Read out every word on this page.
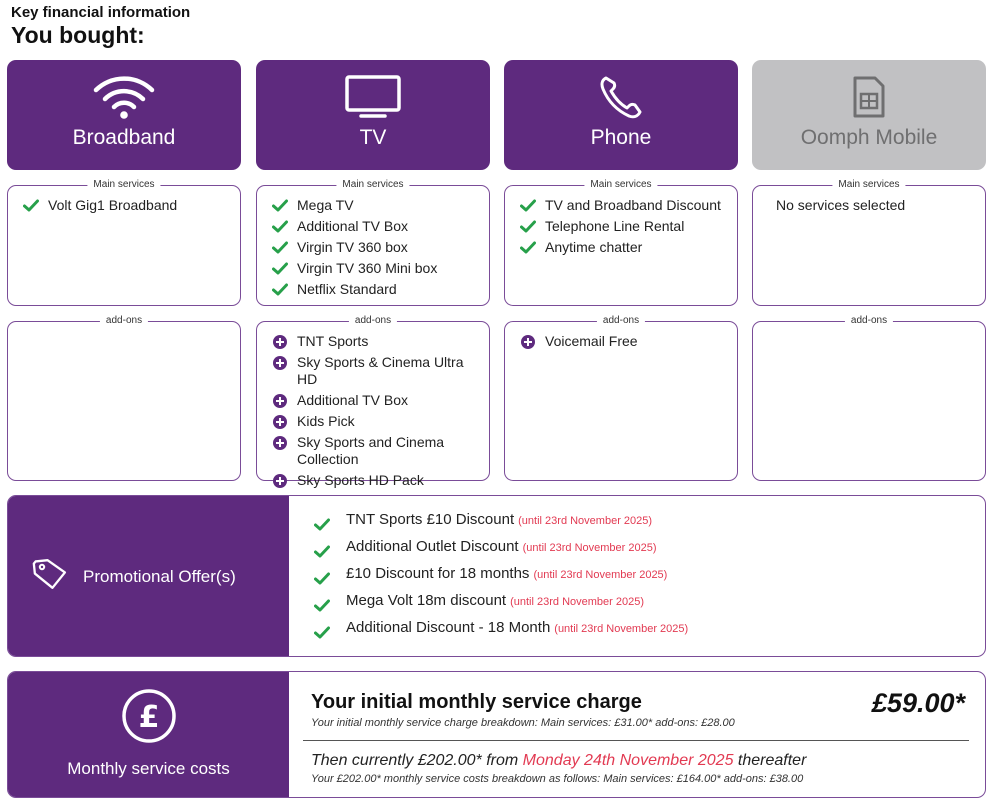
Key financial information
You bought:
Broadband	TV	Phone	Oomph Mobile
Main services
Volt Gig1 Broadband
Main services
Mega TV
Additional TV Box
Virgin TV 360 box
Virgin TV 360 Mini box
Netflix Standard
Main services
TV and Broadband Discount
Telephone Line Rental
Anytime chatter
Main services
No services selected
add-ons	add-ons
TNT Sports
Sky Sports & Cinema Ultra HD
Additional TV Box
Kids Pick
Sky Sports and Cinema Collection
Sky Sports HD Pack
add-ons
Voicemail Free
add-ons
Promotional Offer(s)
TNT Sports £10 Discount (until 23rd November 2025)
Additional Outlet Discount (until 23rd November 2025)
£10 Discount for 18 months (until 23rd November 2025)
Mega Volt 18m discount (until 23rd November 2025)
Additional Discount - 18 Month (until 23rd November 2025)
£
Monthly service costs
Your initial monthly service charge
Your initial monthly service charge breakdown: Main services: £31.00* add-ons: £28.00
£59.00*
Then currently £202.00* from Monday 24th November 2025 thereafter
Your £202.00* monthly service costs breakdown as follows: Main services: £164.00* add-ons: £38.00
